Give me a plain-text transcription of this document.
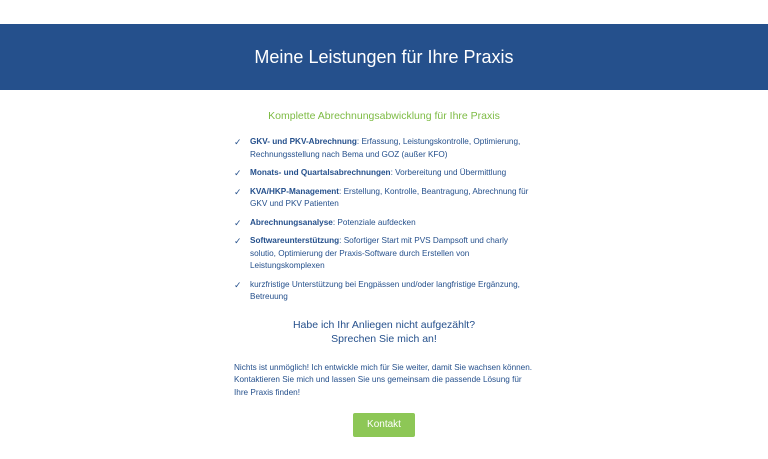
Meine Leistungen für Ihre Praxis

Komplette Abrechnungsabwicklung für Ihre Praxis

✓	GKV- und PKV-Abrechnung: Erfassung, Leistungskontrolle, Optimierung, Rechnungsstellung nach Bema und GOZ (außer KFO)
✓	Monats- und Quartalsabrechnungen: Vorbereitung und Übermittlung
✓	KVA/HKP-Management: Erstellung, Kontrolle, Beantragung, Abrechnung für GKV und PKV Patienten
✓	Abrechnungsanalyse: Potenziale aufdecken
✓	Softwareunterstützung: Sofortiger Start mit PVS Dampsoft und charly solutio, Optimierung der Praxis-Software durch Erstellen von Leistungskomplexen
✓	kurzfristige Unterstützung bei Engpässen und/oder langfristige Ergänzung, Betreuung
Habe ich Ihr Anliegen nicht aufgezählt?
Sprechen Sie mich an!

Nichts ist unmöglich! Ich entwickle mich für Sie weiter, damit Sie wachsen können. Kontaktieren Sie mich und lassen Sie uns gemeinsam die passende Lösung für Ihre Praxis finden!

Kontakt
